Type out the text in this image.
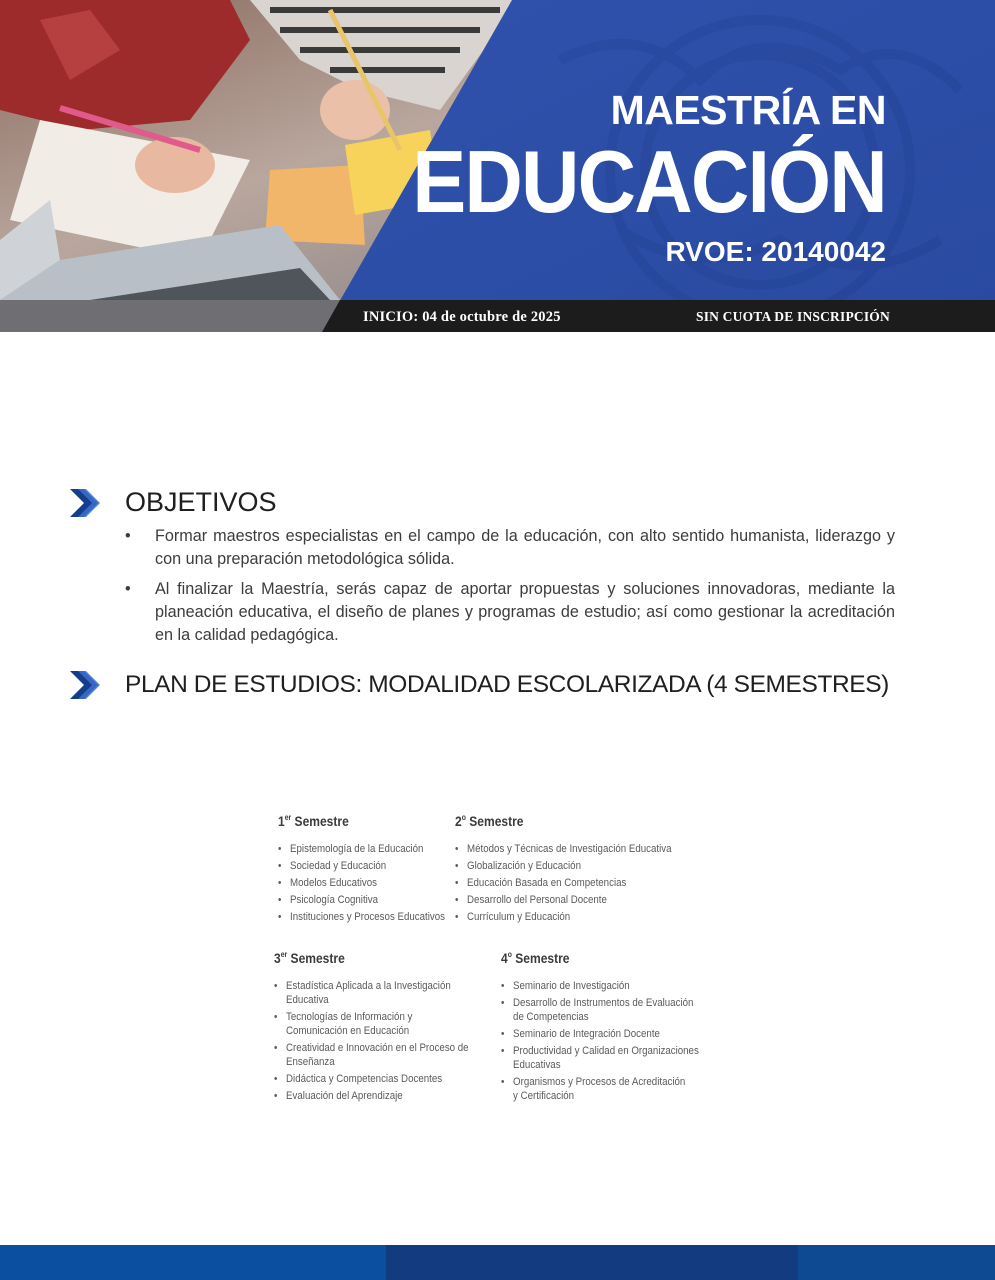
MAESTRÍA EN
EDUCACIÓN
RVOE: 20140042
INICIO: 04 de octubre de 2025	SIN CUOTA DE INSCRIPCIÓN
OBJETIVOS
• Formar maestros especialistas en el campo de la educación, con alto sentido humanista, liderazgo y con una preparación metodológica sólida.
• Al finalizar la Maestría, serás capaz de aportar propuestas y soluciones innovadoras, mediante la planeación educativa, el diseño de planes y programas de estudio; así como gestionar la acreditación en la calidad pedagógica.
PLAN DE ESTUDIOS: MODALIDAD ESCOLARIZADA (4 SEMESTRES)
1er Semestre
• Epistemología de la Educación
• Sociedad y Educación
• Modelos Educativos
• Psicología Cognitiva
• Instituciones y Procesos Educativos
2$^o$ Semestre
• Métodos y Técnicas de Investigación Educativa
• Globalización y Educación
• Educación Basada en Competencias
• Desarrollo del Personal Docente
• Currículum y Educación
3er Semestre
• Estadística Aplicada a la Investigación
Educativa
• Tecnologías de Información y
Comunicación en Educación
• Creatividad e Innovación en el Proceso de
Enseñanza
• Didáctica y Competencias Docentes
• Evaluación del Aprendizaje
4$^o$ Semestre
• Seminario de Investigación
• Desarrollo de Instrumentos de Evaluación
de Competencias
• Seminario de Integración Docente
• Productividad y Calidad en Organizaciones
Educativas
• Organismos y Procesos de Acreditación
y Certificación
